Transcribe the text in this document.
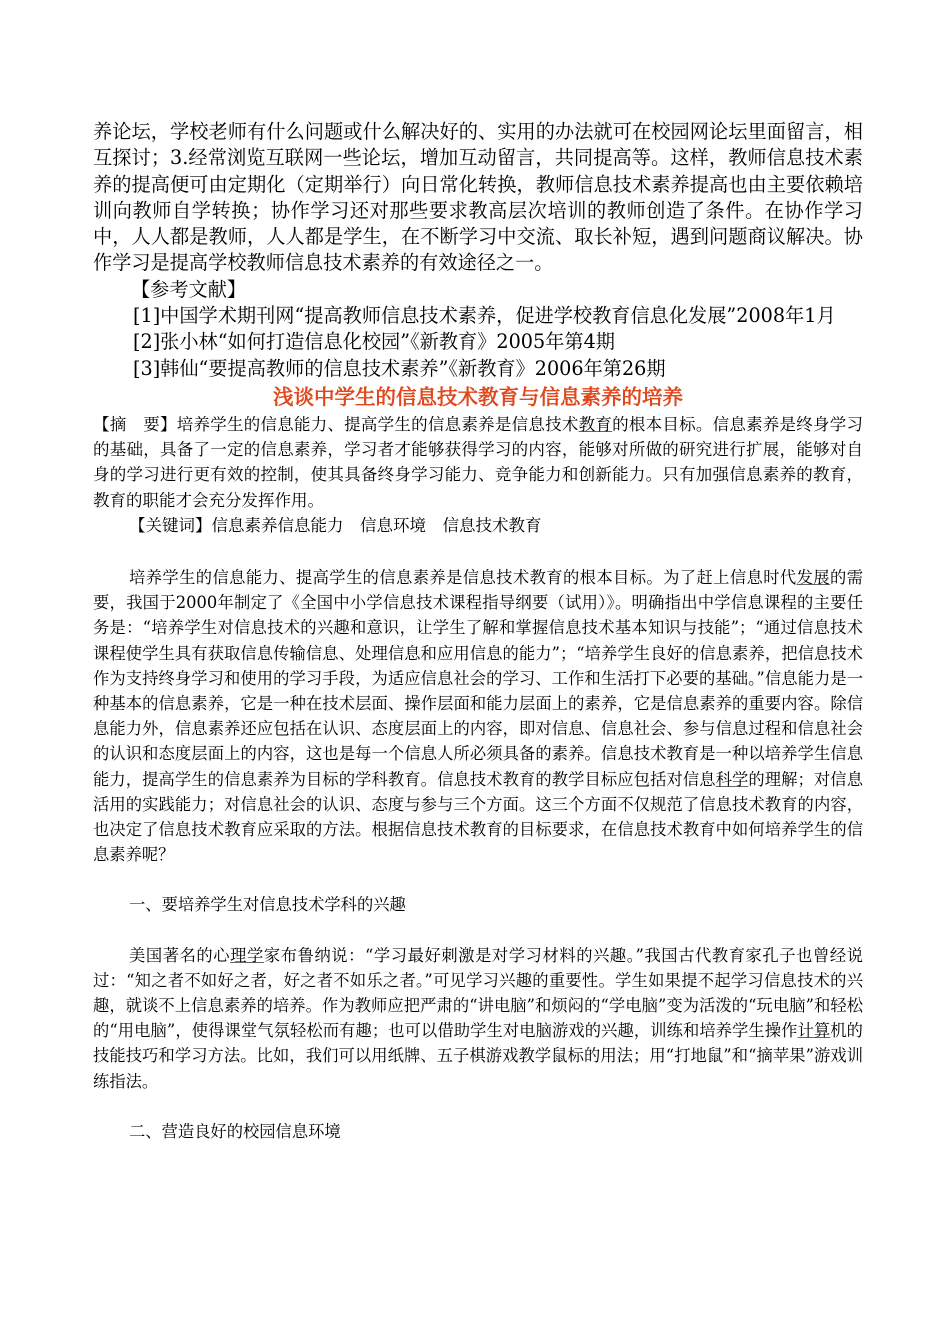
养论坛，学校老师有什么问题或什么解决好的、实用的办法就可在校园网论坛里面留言，相互探讨；3.经常浏览互联网一些论坛，增加互动留言，共同提高等。这样，教师信息技术素养的提高便可由定期化（定期举行）向日常化转换，教师信息技术素养提高也由主要依赖培训向教师自学转换；协作学习还对那些要求教高层次培训的教师创造了条件。在协作学习中，人人都是教师，人人都是学生，在不断学习中交流、取长补短，遇到问题商议解决。协作学习是提高学校教师信息技术素养的有效途径之一。

【参考文献】

[1]中国学术期刊网“提高教师信息技术素养，促进学校教育信息化发展”2008年1月

[2]张小林“如何打造信息化校园”《新教育》2005年第4期

[3]韩仙“要提高教师的信息技术素养”《新教育》2006年第26期

浅谈中学生的信息技术教育与信息素养的培养

【摘　要】培养学生的信息能力、提高学生的信息素养是信息技术教育的根本目标。信息素养是终身学习的基础，具备了一定的信息素养，学习者才能够获得学习的内容，能够对所做的研究进行扩展，能够对自身的学习进行更有效的控制，使其具备终身学习能力、竞争能力和创新能力。只有加强信息素养的教育，教育的职能才会充分发挥作用。

【关键词】信息素养信息能力　信息环境　信息技术教育

培养学生的信息能力、提高学生的信息素养是信息技术教育的根本目标。为了赶上信息时代发展的需要，我国于2000年制定了《全国中小学信息技术课程指导纲要（试用）》。明确指出中学信息课程的主要任务是：“培养学生对信息技术的兴趣和意识，让学生了解和掌握信息技术基本知识与技能”；“通过信息技术课程使学生具有获取信息传输信息、处理信息和应用信息的能力”；“培养学生良好的信息素养，把信息技术作为支持终身学习和使用的学习手段，为适应信息社会的学习、工作和生活打下必要的基础。”信息能力是一种基本的信息素养，它是一种在技术层面、操作层面和能力层面上的素养，它是信息素养的重要内容。除信息能力外，信息素养还应包括在认识、态度层面上的内容，即对信息、信息社会、参与信息过程和信息社会的认识和态度层面上的内容，这也是每一个信息人所必须具备的素养。信息技术教育是一种以培养学生信息能力，提高学生的信息素养为目标的学科教育。信息技术教育的教学目标应包括对信息科学的理解；对信息活用的实践能力；对信息社会的认识、态度与参与三个方面。这三个方面不仅规范了信息技术教育的内容，也决定了信息技术教育应采取的方法。根据信息技术教育的目标要求，在信息技术教育中如何培养学生的信息素养呢？

一、要培养学生对信息技术学科的兴趣

美国著名的心理学家布鲁纳说：“学习最好刺激是对学习材料的兴趣。”我国古代教育家孔子也曾经说过：“知之者不如好之者，好之者不如乐之者。”可见学习兴趣的重要性。学生如果提不起学习信息技术的兴趣，就谈不上信息素养的培养。作为教师应把严肃的“讲电脑”和烦闷的“学电脑”变为活泼的“玩电脑”和轻松的“用电脑”，使得课堂气氛轻松而有趣；也可以借助学生对电脑游戏的兴趣，训练和培养学生操作计算机的技能技巧和学习方法。比如，我们可以用纸牌、五子棋游戏教学鼠标的用法；用“打地鼠”和“摘苹果”游戏训练指法。

二、营造良好的校园信息环境
